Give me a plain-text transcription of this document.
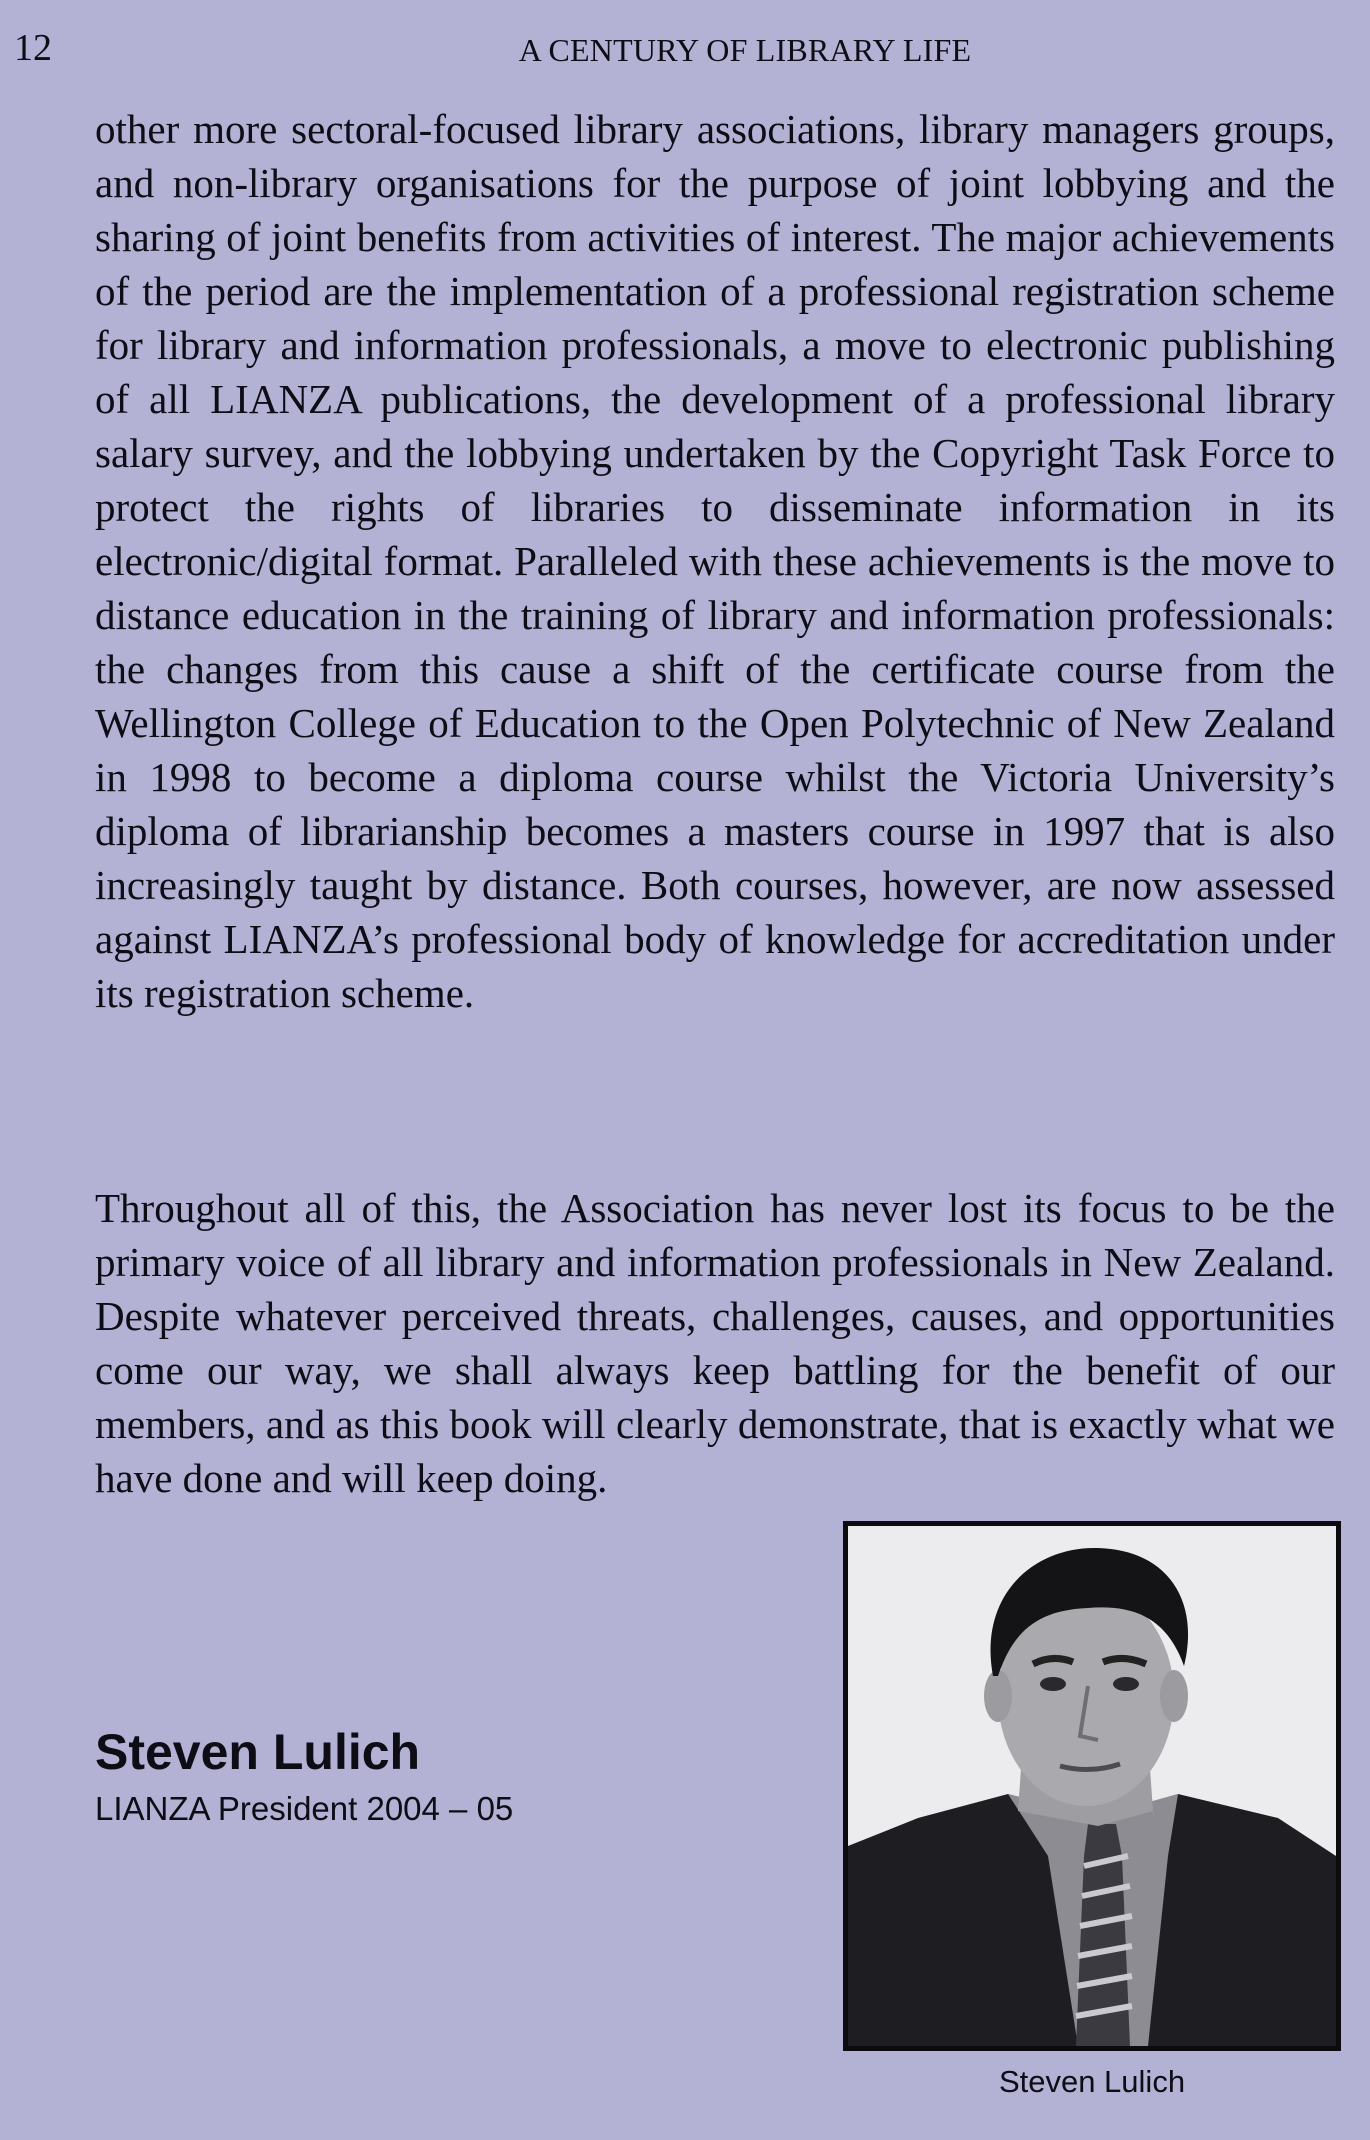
12	A CENTURY OF LIBRARY LIFE

other more sectoral-focused library associations, library managers groups, and non-library organisations for the purpose of joint lobbying and the sharing of joint benefits from activities of interest. The major achievements of the period are the implementation of a professional registration scheme for library and information professionals, a move to electronic publishing of all LIANZA publications, the development of a professional library salary survey, and the lobbying undertaken by the Copyright Task Force to protect the rights of libraries to disseminate information in its electronic/digital format. Paralleled with these achievements is the move to distance education in the training of library and information professionals: the changes from this cause a shift of the certificate course from the Wellington College of Education to the Open Polytechnic of New Zealand in 1998 to become a diploma course whilst the Victoria University’s diploma of librarianship becomes a masters course in 1997 that is also increasingly taught by distance. Both courses, however, are now assessed against LIANZA’s professional body of knowledge for accreditation under its registration scheme.

Throughout all of this, the Association has never lost its focus to be the primary voice of all library and information professionals in New Zealand. Despite whatever perceived threats, challenges, causes, and opportunities come our way, we shall always keep battling for the benefit of our members, and as this book will clearly demonstrate, that is exactly what we have done and will keep doing.

Steven Lulich
LIANZA President 2004 – 05
Steven Lulich
